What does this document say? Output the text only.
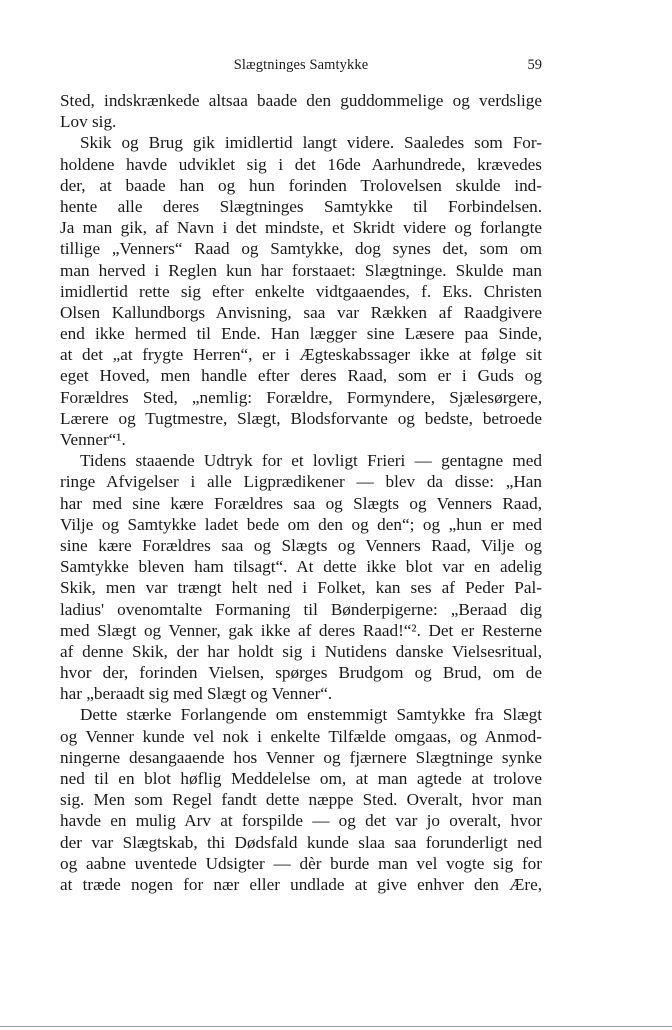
Slægtninges Samtykke	59
Sted, indskrænkede altsaa baade den guddommelige og verdslige
Lov sig.
Skik og Brug gik imidlertid langt videre. Saaledes som For-
holdene havde udviklet sig i det 16de Aarhundrede, krævedes
der, at baade han og hun forinden Trolovelsen skulde ind-
hente alle deres Slægtninges Samtykke til Forbindelsen.
Ja man gik, af Navn i det mindste, et Skridt videre og forlangte
tillige „Venners“ Raad og Samtykke, dog synes det, som om
man herved i Reglen kun har forstaaet: Slægtninge. Skulde man
imidlertid rette sig efter enkelte vidtgaaendes, f. Eks. Christen
Olsen Kallundborgs Anvisning, saa var Rækken af Raadgivere
end ikke hermed til Ende. Han lægger sine Læsere paa Sinde,
at det „at frygte Herren“, er i Ægteskabssager ikke at følge sit
eget Hoved, men handle efter deres Raad, som er i Guds og
Forældres Sted, „nemlig: Forældre, Formyndere, Sjælesørgere,
Lærere og Tugtmestre, Slægt, Blodsforvante og bedste, betroede
Venner“¹.
Tidens staaende Udtryk for et lovligt Frieri — gentagne med
ringe Afvigelser i alle Ligprædikener — blev da disse: „Han
har med sine kære Forældres saa og Slægts og Venners Raad,
Vilje og Samtykke ladet bede om den og den“; og „hun er med
sine kære Forældres saa og Slægts og Venners Raad, Vilje og
Samtykke bleven ham tilsagt“. At dette ikke blot var en adelig
Skik, men var trængt helt ned i Folket, kan ses af Peder Pal-
ladius' ovenomtalte Formaning til Bønderpigerne: „Beraad dig
med Slægt og Venner, gak ikke af deres Raad!“². Det er Resterne
af denne Skik, der har holdt sig i Nutidens danske Vielsesritual,
hvor der, forinden Vielsen, spørges Brudgom og Brud, om de
har „beraadt sig med Slægt og Venner“.
Dette stærke Forlangende om enstemmigt Samtykke fra Slægt
og Venner kunde vel nok i enkelte Tilfælde omgaas, og Anmod-
ningerne desangaaende hos Venner og fjærnere Slægtninge synke
ned til en blot høflig Meddelelse om, at man agtede at trolove
sig. Men som Regel fandt dette næppe Sted. Overalt, hvor man
havde en mulig Arv at forspilde — og det var jo overalt, hvor
der var Slægtskab, thi Dødsfald kunde slaa saa forunderligt ned
og aabne uventede Udsigter — dèr burde man vel vogte sig for
at træde nogen for nær eller undlade at give enhver den Ære,
